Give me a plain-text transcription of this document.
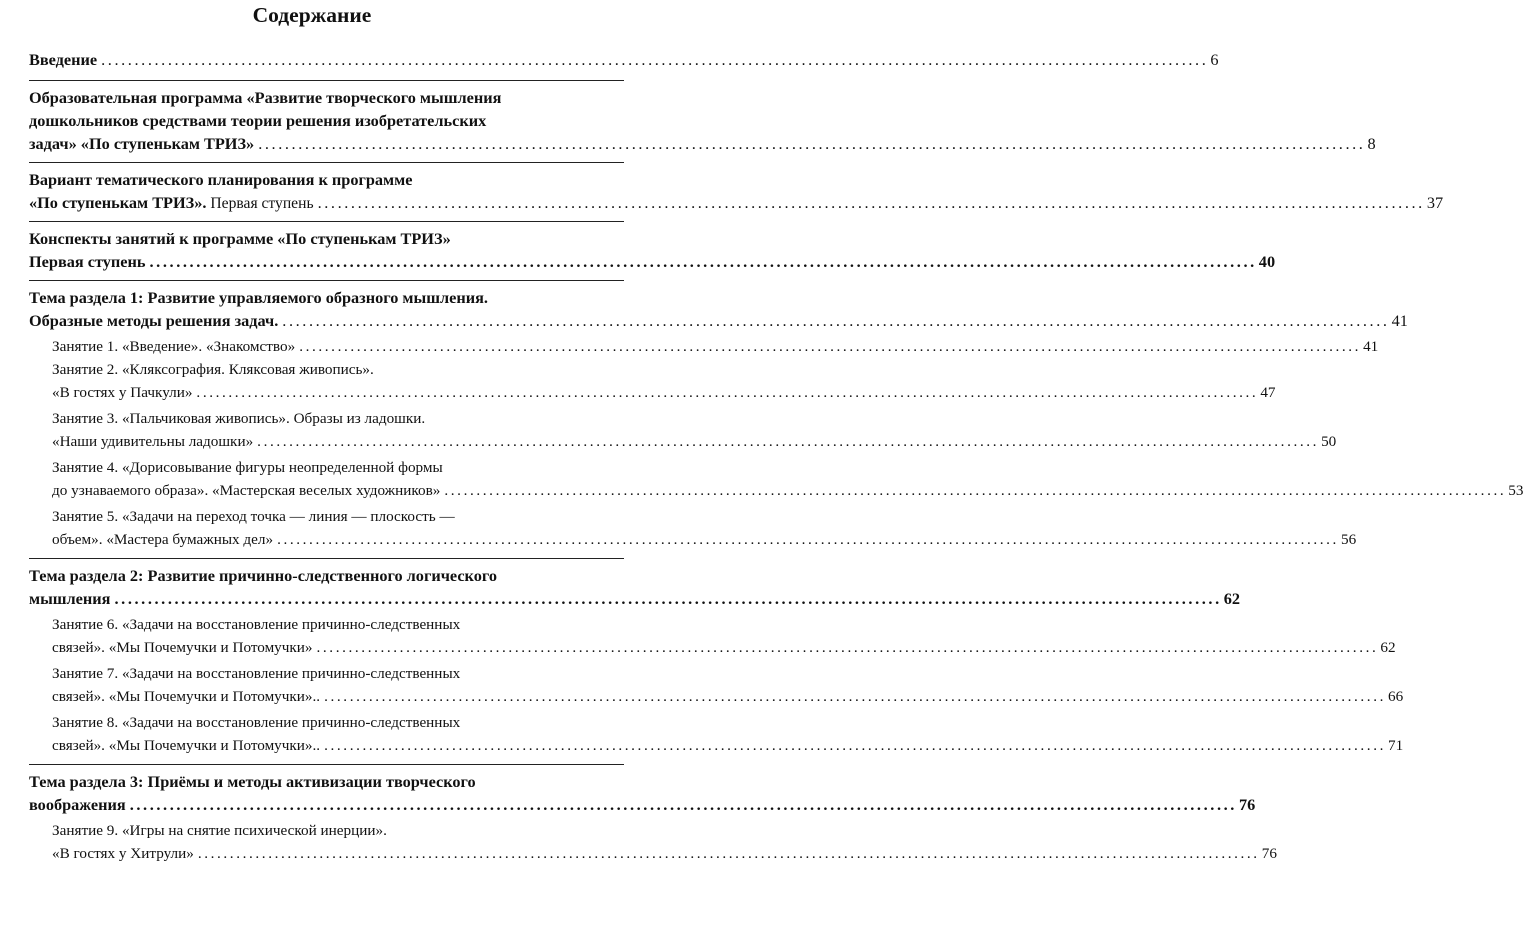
Содержание
Введение ...................................................................................................................................................................... 6
Образовательная программа «Развитие творческого мышления
дошкольников средствами теории решения изобретательских
задач» «По ступенькам ТРИЗ» ...................................................................................................................................................................... 8
Вариант тематического планирования к программе
«По ступенькам ТРИЗ». Первая ступень ...................................................................................................................................................................... 37
Конспекты занятий к программе «По ступенькам ТРИЗ»
Первая ступень ...................................................................................................................................................................... 40
Тема раздела 1: Развитие управляемого образного мышления.
Образные методы решения задач. ...................................................................................................................................................................... 41
Занятие 1. «Введение». «Знакомство» ...................................................................................................................................................................... 41
Занятие 2. «Кляксография. Кляксовая живопись».
«В гостях у Пачкули» ...................................................................................................................................................................... 47
Занятие 3. «Пальчиковая живопись». Образы из ладошки.
«Наши удивительны ладошки» ...................................................................................................................................................................... 50
Занятие 4. «Дорисовывание фигуры неопределенной формы
до узнаваемого образа». «Мастерская веселых художников» ...................................................................................................................................................................... 53
Занятие 5. «Задачи на переход точка — линия — плоскость —
объем». «Мастера бумажных дел» ...................................................................................................................................................................... 56
Тема раздела 2: Развитие причинно-следственного логического
мышления ...................................................................................................................................................................... 62
Занятие 6. «Задачи на восстановление причинно-следственных
связей». «Мы Почемучки и Потомучки» ...................................................................................................................................................................... 62
Занятие 7. «Задачи на восстановление причинно-следственных
связей». «Мы Почемучки и Потомучки».. ...................................................................................................................................................................... 66
Занятие 8. «Задачи на восстановление причинно-следственных
связей». «Мы Почемучки и Потомучки».. ...................................................................................................................................................................... 71
Тема раздела 3: Приёмы и методы активизации творческого
воображения ...................................................................................................................................................................... 76
Занятие 9. «Игры на снятие психической инерции».
«В гостях у Хитрули» ...................................................................................................................................................................... 76
